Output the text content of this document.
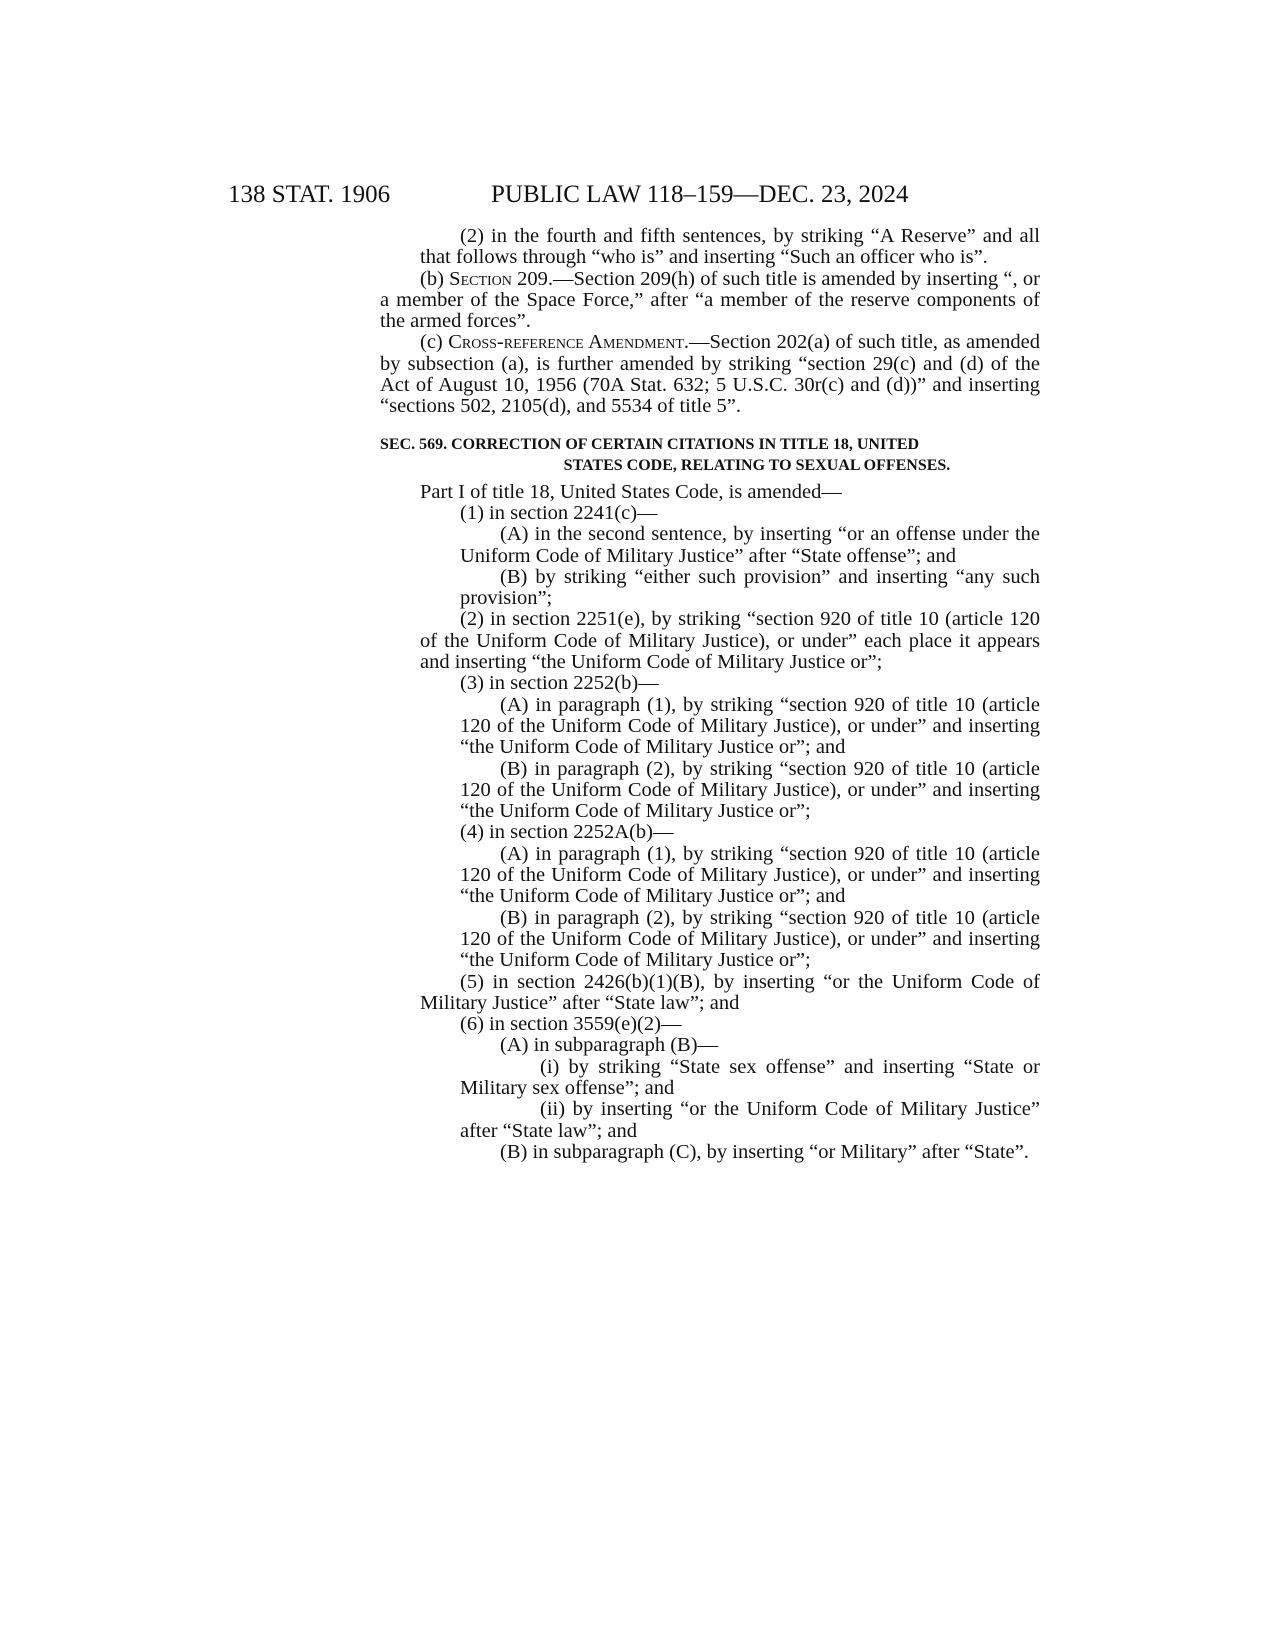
138 STAT. 1906	PUBLIC LAW 118–159—DEC. 23, 2024

(2) in the fourth and fifth sentences, by striking “A Reserve” and all that follows through “who is” and inserting “Such an officer who is”.

(b) Section 209.—Section 209(h) of such title is amended by inserting “, or a member of the Space Force,” after “a member of the reserve components of the armed forces”.

(c) Cross-reference Amendment.—Section 202(a) of such title, as amended by subsection (a), is further amended by striking “section 29(c) and (d) of the Act of August 10, 1956 (70A Stat. 632; 5 U.S.C. 30r(c) and (d))” and inserting “sections 502, 2105(d), and 5534 of title 5”.

SEC. 569. CORRECTION OF CERTAIN CITATIONS IN TITLE 18, UNITED
STATES CODE, RELATING TO SEXUAL OFFENSES.

Part I of title 18, United States Code, is amended—

(1) in section 2241(c)—

(A) in the second sentence, by inserting “or an offense under the Uniform Code of Military Justice” after “State offense”; and

(B) by striking “either such provision” and inserting “any such provision”;

(2) in section 2251(e), by striking “section 920 of title 10 (article 120 of the Uniform Code of Military Justice), or under” each place it appears and inserting “the Uniform Code of Military Justice or”;

(3) in section 2252(b)—

(A) in paragraph (1), by striking “section 920 of title 10 (article 120 of the Uniform Code of Military Justice), or under” and inserting “the Uniform Code of Military Justice or”; and

(B) in paragraph (2), by striking “section 920 of title 10 (article 120 of the Uniform Code of Military Justice), or under” and inserting “the Uniform Code of Military Justice or”;

(4) in section 2252A(b)—

(A) in paragraph (1), by striking “section 920 of title 10 (article 120 of the Uniform Code of Military Justice), or under” and inserting “the Uniform Code of Military Justice or”; and

(B) in paragraph (2), by striking “section 920 of title 10 (article 120 of the Uniform Code of Military Justice), or under” and inserting “the Uniform Code of Military Justice or”;

(5) in section 2426(b)(1)(B), by inserting “or the Uniform Code of Military Justice” after “State law”; and

(6) in section 3559(e)(2)—

(A) in subparagraph (B)—

(i) by striking “State sex offense” and inserting “State or Military sex offense”; and

(ii) by inserting “or the Uniform Code of Military Justice” after “State law”; and

(B) in subparagraph (C), by inserting “or Military” after “State”.
